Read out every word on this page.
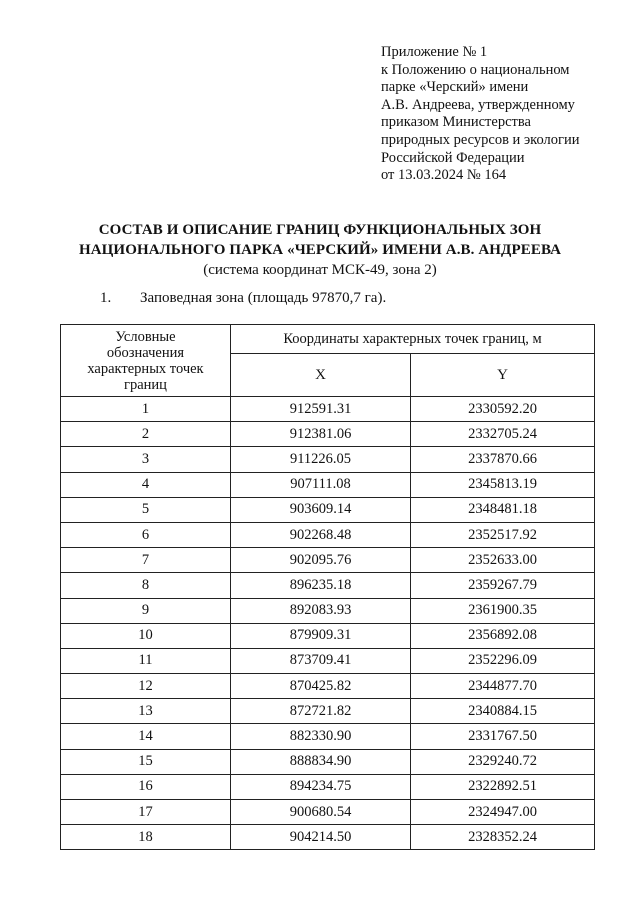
Приложение № 1
к Положению о национальном
парке «Черский» имени
А.В. Андреева, утвержденному
приказом Министерства
природных ресурсов и экологии
Российской Федерации
от 13.03.2024 № 164
СОСТАВ И ОПИСАНИЕ ГРАНИЦ ФУНКЦИОНАЛЬНЫХ ЗОН
НАЦИОНАЛЬНОГО ПАРКА «ЧЕРСКИЙ» ИМЕНИ А.В. АНДРЕЕВА
(система координат МСК-49, зона 2)
1. Заповедная зона (площадь 97870,7 га).
Условные
обозначения
характерных точек
границ	Координаты характерных точек границ, м	
	X	Y
1	912591.31	2330592.20
2	912381.06	2332705.24
3	911226.05	2337870.66
4	907111.08	2345813.19
5	903609.14	2348481.18
6	902268.48	2352517.92
7	902095.76	2352633.00
8	896235.18	2359267.79
9	892083.93	2361900.35
10	879909.31	2356892.08
11	873709.41	2352296.09
12	870425.82	2344877.70
13	872721.82	2340884.15
14	882330.90	2331767.50
15	888834.90	2329240.72
16	894234.75	2322892.51
17	900680.54	2324947.00
18	904214.50	2328352.24
